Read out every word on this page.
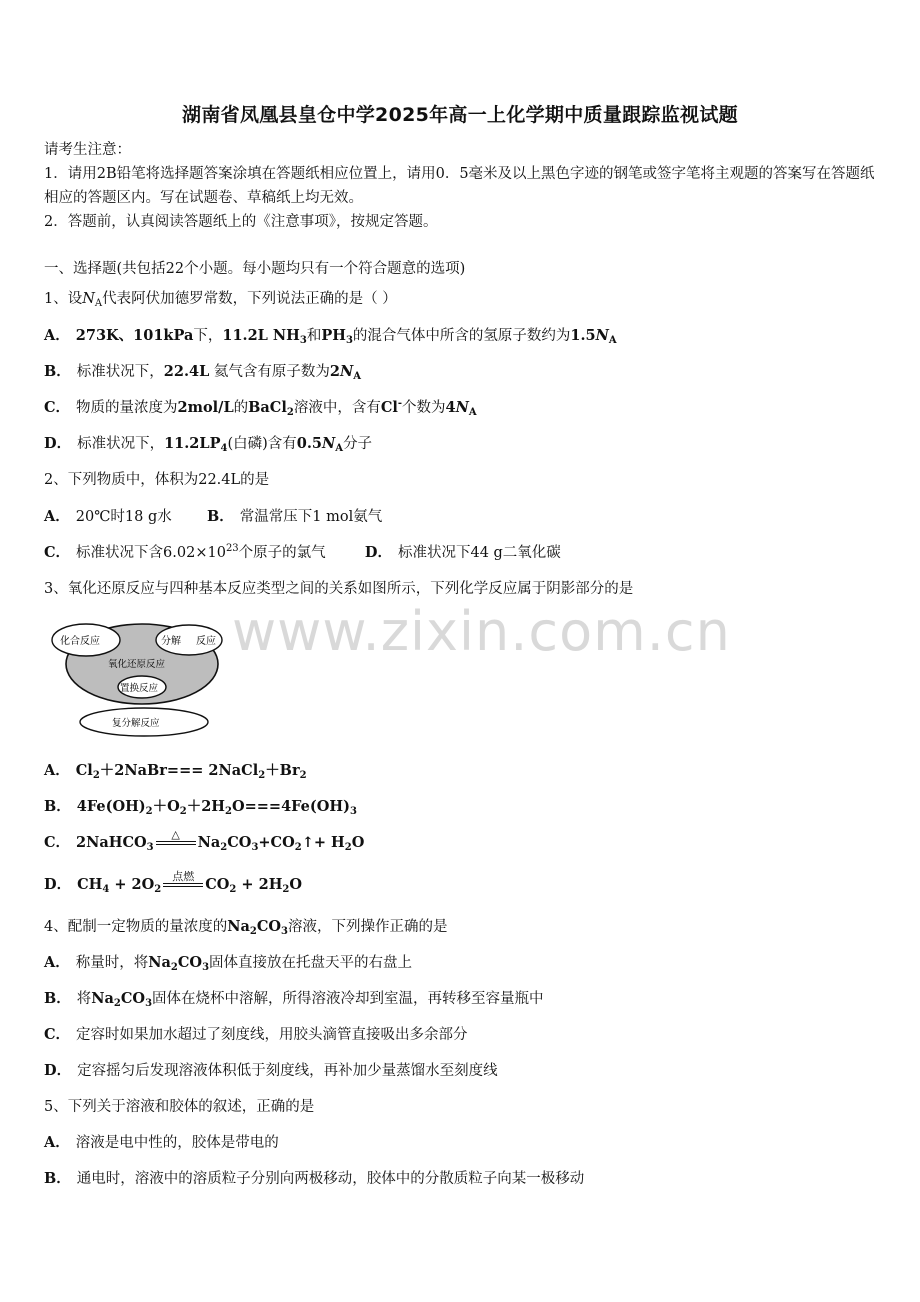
湖南省凤凰县皇仓中学2025年高一上化学期中质量跟踪监视试题
请考生注意：
1．请用2B铅笔将选择题答案涂填在答题纸相应位置上，请用0．5毫米及以上黑色字迹的钢笔或签字笔将主观题的答案写在答题纸相应的答题区内。写在试题卷、草稿纸上均无效。
2．答题前，认真阅读答题纸上的《注意事项》，按规定答题。
一、选择题(共包括22个小题。每小题均只有一个符合题意的选项)
1、设$N_A$代表阿伏加德罗常数，下列说法正确的是（ ）
A． 273K、101kPa下，11.2L $NH_3$和$PH_3$的混合气体中所含的氢原子数约为$1.5N_A$
B． 标准状况下，22.4L 氦气含有原子数为$2N_A$
C． 物质的量浓度为2mol/L的BaCl$_2$溶液中，含有Cl-个数为$4N_A$
D． 标准状况下，$11.2LP_4$(白磷)含有$0.5N_A$分子
2、下列物质中，体积为22.4L的是
A． 20℃时18 g水 B． 常温常压下1 mol氨气
C． 标准状况下含$6.02\times 10^{23}$个原子的氯气  D． 标准状况下44 g二氧化碳
3、氧化还原反应与四种基本反应类型之间的关系如图所示，下列化学反应属于阴影部分的是
www.zixin.com.cn
化合反应	分解 反应
氧化还原反应
置换反应
复分解反应
A． $Cl_2+2NaBr===$ $2NaCl_2+Br_2$
B． $4Fe(OH)_2+O_2+2H_2O===4Fe(OH)_3$
C． 2NaHCO$_3$
△	$Na_2CO_3+CO_2↑+ H_2O$
D． $CH_4 + 2O_2$
点燃 $CO_2 + 2H_2O$
4、配制一定物质的量浓度的$Na_2CO_3$溶液，下列操作正确的是
A． 称量时，将$Na_2CO_3$固体直接放在托盘天平的右盘上
B． 将$Na_2CO_3$固体在烧杯中溶解，所得溶液冷却到室温，再转移至容量瓶中
C． 定容时如果加水超过了刻度线，用胶头滴管直接吸出多余部分
D． 定容摇匀后发现溶液体积低于刻度线，再补加少量蒸馏水至刻度线
5、下列关于溶液和胶体的叙述，正确的是
A． 溶液是电中性的，胶体是带电的
B． 通电时，溶液中的溶质粒子分别向两极移动，胶体中的分散质粒子向某一极移动
